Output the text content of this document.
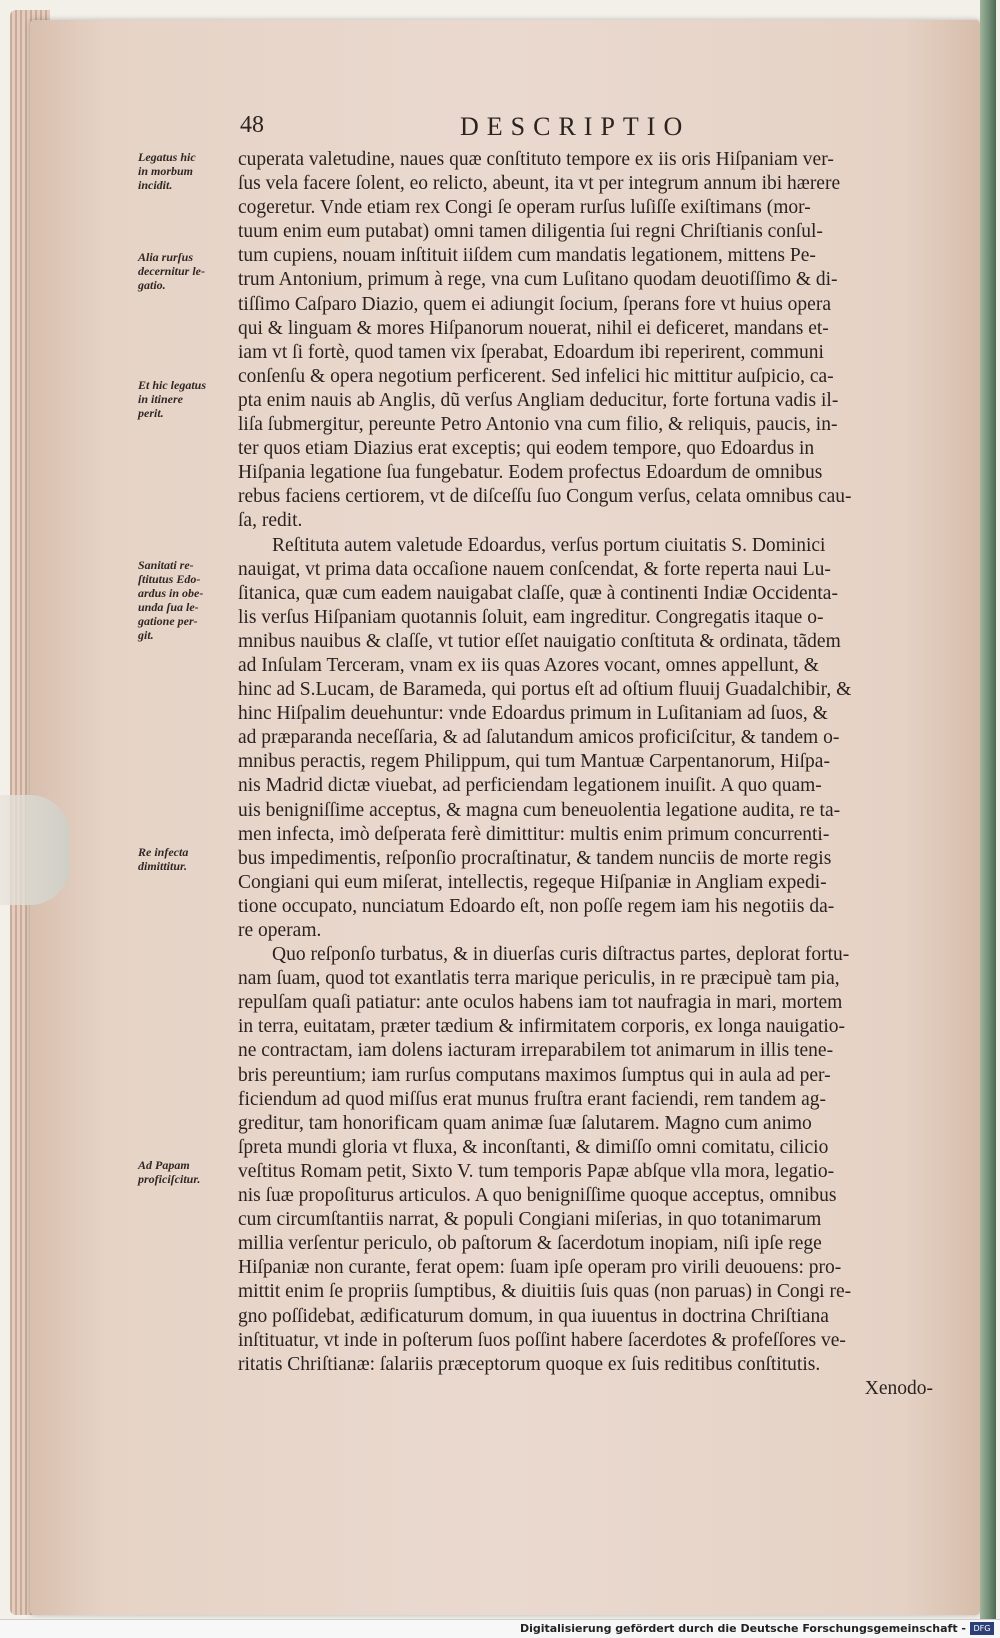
48	DESCRIPTIO
Legatus hic
in morbum
incidit.
Alia rurſus
decernitur le-
gatio.
Et hic legatus
in itinere
perit.
Sanitati re-
ſtitutus Edo-
ardus in obe-
unda ſua le-
gatione per-
git.
Re infecta
dimittitur.
Ad Papam
proficiſcitur.
cuperata valetudine, naues quæ conſtituto tempore ex iis oris Hiſpaniam ver-
ſus vela facere ſolent, eo relicto, abeunt, ita vt per integrum annum ibi hærere
cogeretur. Vnde etiam rex Congi ſe operam rurſus luſiſſe exiſtimans (mor-
tuum enim eum putabat) omni tamen diligentia ſui regni Chriſtianis conſul-
tum cupiens, nouam inſtituit iiſdem cum mandatis legationem, mittens Pe-
trum Antonium, primum à rege, vna cum Luſitano quodam deuotiſſimo & di-
tiſſimo Caſparo Diazio, quem ei adiungit ſocium, ſperans fore vt huius opera
qui & linguam & mores Hiſpanorum nouerat, nihil ei deficeret, mandans et-
iam vt ſi fortè, quod tamen vix ſperabat, Edoardum ibi reperirent, communi
conſenſu & opera negotium perficerent. Sed infelici hic mittitur auſpicio, ca-
pta enim nauis ab Anglis, dũ verſus Angliam deducitur, forte fortuna vadis il-
liſa ſubmergitur, pereunte Petro Antonio vna cum filio, & reliquis, paucis, in-
ter quos etiam Diazius erat exceptis; qui eodem tempore, quo Edoardus in
Hiſpania legatione ſua fungebatur. Eodem profectus Edoardum de omnibus
rebus faciens certiorem, vt de diſceſſu ſuo Congum verſus, celata omnibus cau-
ſa, redit.
Reſtituta autem valetude Edoardus, verſus portum ciuitatis S. Dominici
nauigat, vt prima data occaſione nauem conſcendat, & forte reperta naui Lu-
ſitanica, quæ cum eadem nauigabat claſſe, quæ à continenti Indiæ Occidenta-
lis verſus Hiſpaniam quotannis ſoluit, eam ingreditur. Congregatis itaque o-
mnibus nauibus & claſſe, vt tutior eſſet nauigatio conſtituta & ordinata, tãdem
ad Inſulam Terceram, vnam ex iis quas Azores vocant, omnes appellunt, &
hinc ad S.Lucam, de Barameda, qui portus eſt ad oſtium fluuij Guadalchibir, &
hinc Hiſpalim deuehuntur: vnde Edoardus primum in Luſitaniam ad ſuos, &
ad præparanda neceſſaria, & ad ſalutandum amicos proficiſcitur, & tandem o-
mnibus peractis, regem Philippum, qui tum Mantuæ Carpentanorum, Hiſpa-
nis Madrid dictæ viuebat, ad perficiendam legationem inuiſit. A quo quam-
uis benigniſſime acceptus, & magna cum beneuolentia legatione audita, re ta-
men infecta, imò deſperata ferè dimittitur: multis enim primum concurrenti-
bus impedimentis, reſponſio procraſtinatur, & tandem nunciis de morte regis
Congiani qui eum miſerat, intellectis, regeque Hiſpaniæ in Angliam expedi-
tione occupato, nunciatum Edoardo eſt, non poſſe regem iam his negotiis da-
re operam.
Quo reſponſo turbatus, & in diuerſas curis diſtractus partes, deplorat fortu-
nam ſuam, quod tot exantlatis terra marique periculis, in re præcipuè tam pia,
repulſam quaſi patiatur: ante oculos habens iam tot naufragia in mari, mortem
in terra, euitatam, præter tædium & infirmitatem corporis, ex longa nauigatio-
ne contractam, iam dolens iacturam irreparabilem tot animarum in illis tene-
bris pereuntium; iam rurſus computans maximos ſumptus qui in aula ad per-
ficiendum ad quod miſſus erat munus fruſtra erant faciendi, rem tandem ag-
greditur, tam honorificam quam animæ ſuæ ſalutarem. Magno cum animo
ſpreta mundi gloria vt fluxa, & inconſtanti, & dimiſſo omni comitatu, cilicio
veſtitus Romam petit, Sixto V. tum temporis Papæ abſque vlla mora, legatio-
nis ſuæ propoſiturus articulos. A quo benigniſſime quoque acceptus, omnibus
cum circumſtantiis narrat, & populi Congiani miſerias, in quo totanimarum
millia verſentur periculo, ob paſtorum & ſacerdotum inopiam, niſi ipſe rege
Hiſpaniæ non curante, ferat opem: ſuam ipſe operam pro virili deuouens: pro-
mittit enim ſe propriis ſumptibus, & diuitiis ſuis quas (non paruas) in Congi re-
gno poſſidebat, ædificaturum domum, in qua iuuentus in doctrina Chriſtiana
inſtituatur, vt inde in poſterum ſuos poſſint habere ſacerdotes & profeſſores ve-
ritatis Chriſtianæ: ſalariis præceptorum quoque ex ſuis reditibus conſtitutis.
Xenodo-
Digitalisierung gefördert durch die Deutsche Forschungsgemeinschaft - DFG
